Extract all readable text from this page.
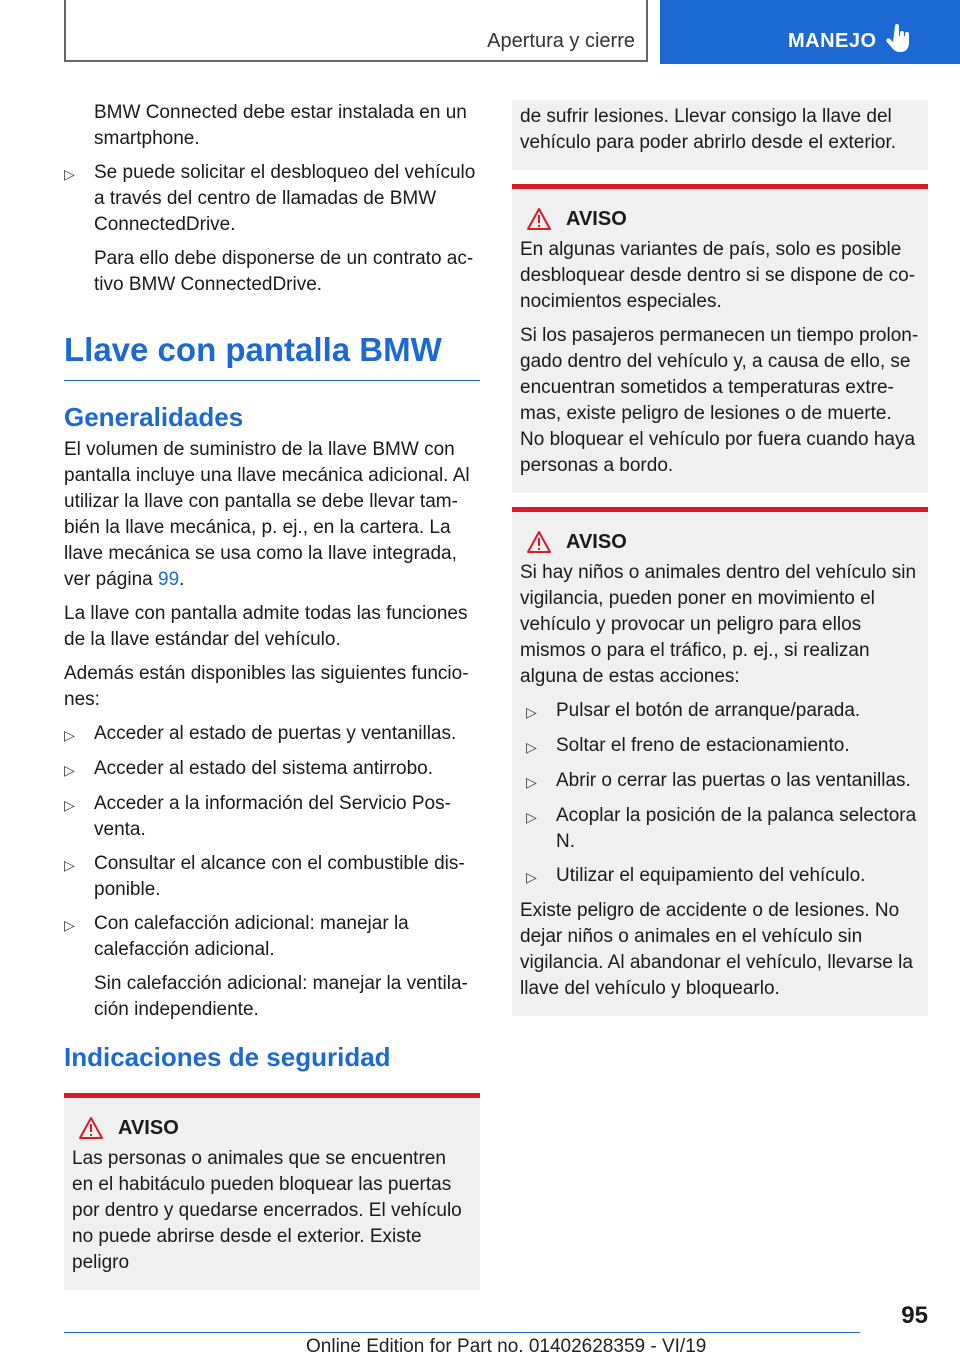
Apertura y cierre	MANEJO

BMW Connected debe estar instalada en un smartphone.

▷	Se puede solicitar el desbloqueo del vehículo a través del centro de llamadas de BMW ConnectedDrive.

Para ello debe disponerse de un contrato activo BMW ConnectedDrive.

Llave con pantalla BMW
Generalidades

El volumen de suministro de la llave BMW con pantalla incluye una llave mecánica adicional. Al utilizar la llave con pantalla se debe llevar también la llave mecánica, p. ej., en la cartera. La llave mecánica se usa como la llave integrada, ver página 99.

La llave con pantalla admite todas las funciones de la llave estándar del vehículo.

Además están disponibles las siguientes funciones:

▷	Acceder al estado de puertas y ventanillas.
▷	Acceder al estado del sistema antirrobo.
▷	Acceder a la información del Servicio Posventa.
▷	Consultar el alcance con el combustible disponible.
▷	Con calefacción adicional: manejar la calefacción adicional.

Sin calefacción adicional: manejar la ventilación independiente.

Indicaciones de seguridad
AVISO

Las personas o animales que se encuentren en el habitáculo pueden bloquear las puertas por dentro y quedarse encerrados. El vehículo no puede abrirse desde el exterior. Existe peligro

de sufrir lesiones. Llevar consigo la llave del vehículo para poder abrirlo desde el exterior.

AVISO

En algunas variantes de país, solo es posible desbloquear desde dentro si se dispone de conocimientos especiales.

Si los pasajeros permanecen un tiempo prolongado dentro del vehículo y, a causa de ello, se encuentran sometidos a temperaturas extremas, existe peligro de lesiones o de muerte. No bloquear el vehículo por fuera cuando haya personas a bordo.

AVISO

Si hay niños o animales dentro del vehículo sin vigilancia, pueden poner en movimiento el vehículo y provocar un peligro para ellos mismos o para el tráfico, p. ej., si realizan alguna de estas acciones:

▷	Pulsar el botón de arranque/parada.
▷	Soltar el freno de estacionamiento.
▷	Abrir o cerrar las puertas o las ventanillas.
▷	Acoplar la posición de la palanca selectora N.
▷	Utilizar el equipamiento del vehículo.

Existe peligro de accidente o de lesiones. No dejar niños o animales en el vehículo sin vigilancia. Al abandonar el vehículo, llevarse la llave del vehículo y bloquearlo.

95
Online Edition for Part no. 01402628359 - VI/19
